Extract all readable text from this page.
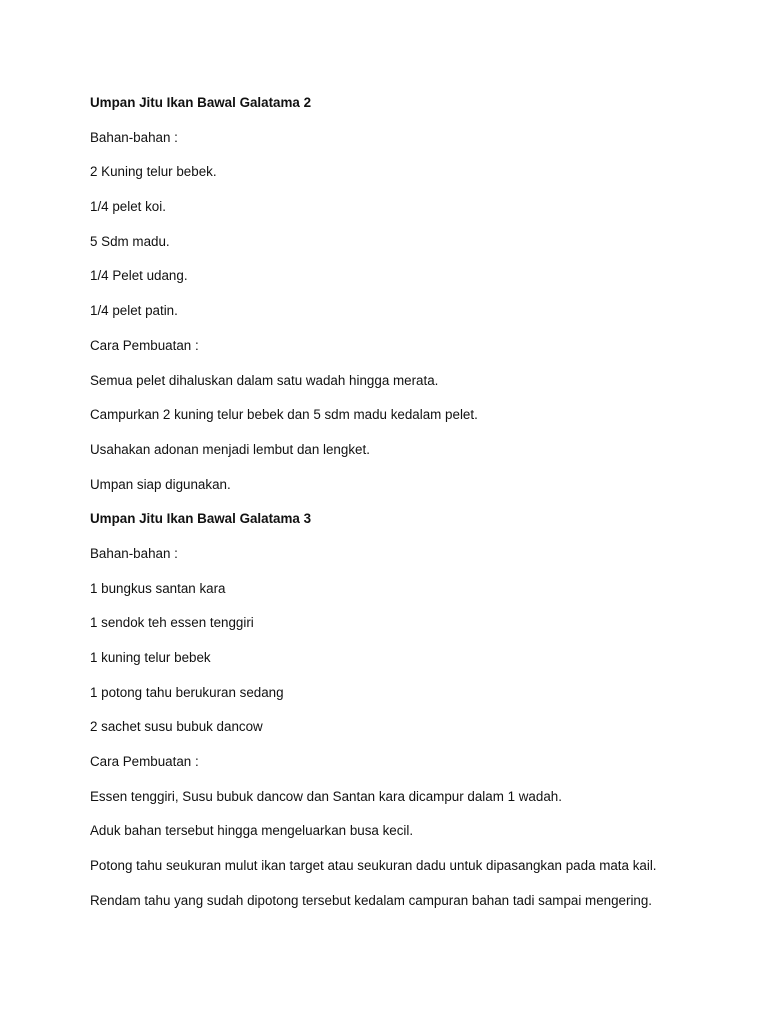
Umpan Jitu Ikan Bawal Galatama 2
Bahan-bahan :
2 Kuning telur bebek.
1/4 pelet koi.
5 Sdm madu.
1/4 Pelet udang.
1/4 pelet patin.
Cara Pembuatan :
Semua pelet dihaluskan dalam satu wadah hingga merata.
Campurkan 2 kuning telur bebek dan 5 sdm madu kedalam pelet.
Usahakan adonan menjadi lembut dan lengket.
Umpan siap digunakan.
Umpan Jitu Ikan Bawal Galatama 3
Bahan-bahan :
1 bungkus santan kara
1 sendok teh essen tenggiri
1 kuning telur bebek
1 potong tahu berukuran sedang
2 sachet susu bubuk dancow
Cara Pembuatan :
Essen tenggiri, Susu bubuk dancow dan Santan kara dicampur dalam 1 wadah.
Aduk bahan tersebut hingga mengeluarkan busa kecil.
Potong tahu seukuran mulut ikan target atau seukuran dadu untuk dipasangkan pada mata kail.
Rendam tahu yang sudah dipotong tersebut kedalam campuran bahan tadi sampai mengering.
